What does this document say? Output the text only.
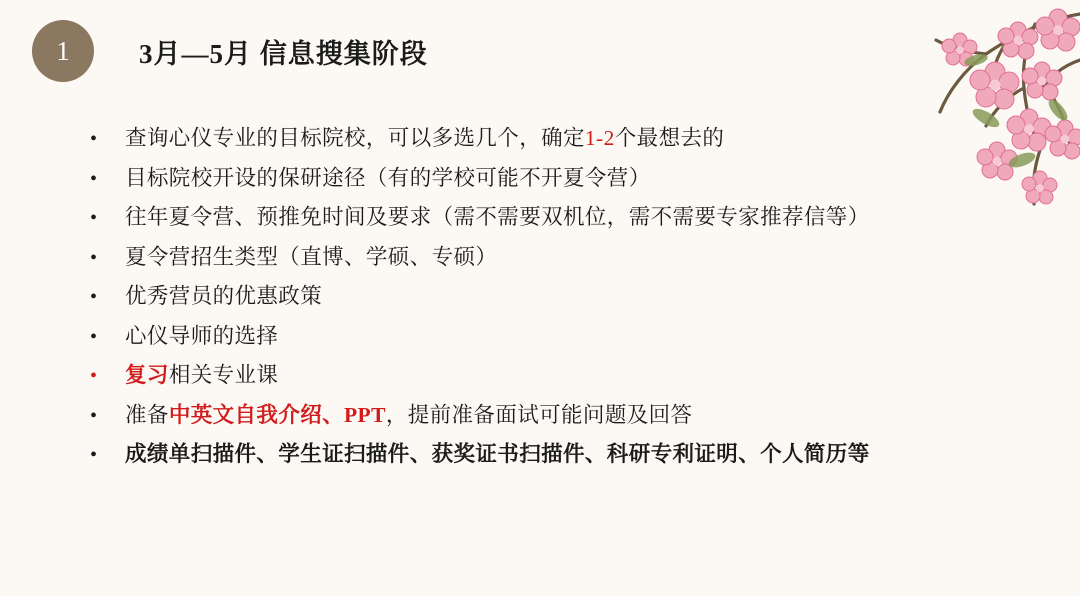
1	3月—5月 信息搜集阶段
•	查询心仪专业的目标院校，可以多选几个，确定1-2个最想去的
•	目标院校开设的保研途径（有的学校可能不开夏令营）
•	往年夏令营、预推免时间及要求（需不需要双机位，需不需要专家推荐信等）
•	夏令营招生类型（直博、学硕、专硕）
•	优秀营员的优惠政策
•	心仪导师的选择
•	复习相关专业课
•	准备中英文自我介绍、PPT，提前准备面试可能问题及回答
•	成绩单扫描件、学生证扫描件、获奖证书扫描件、科研专利证明、个人简历等
